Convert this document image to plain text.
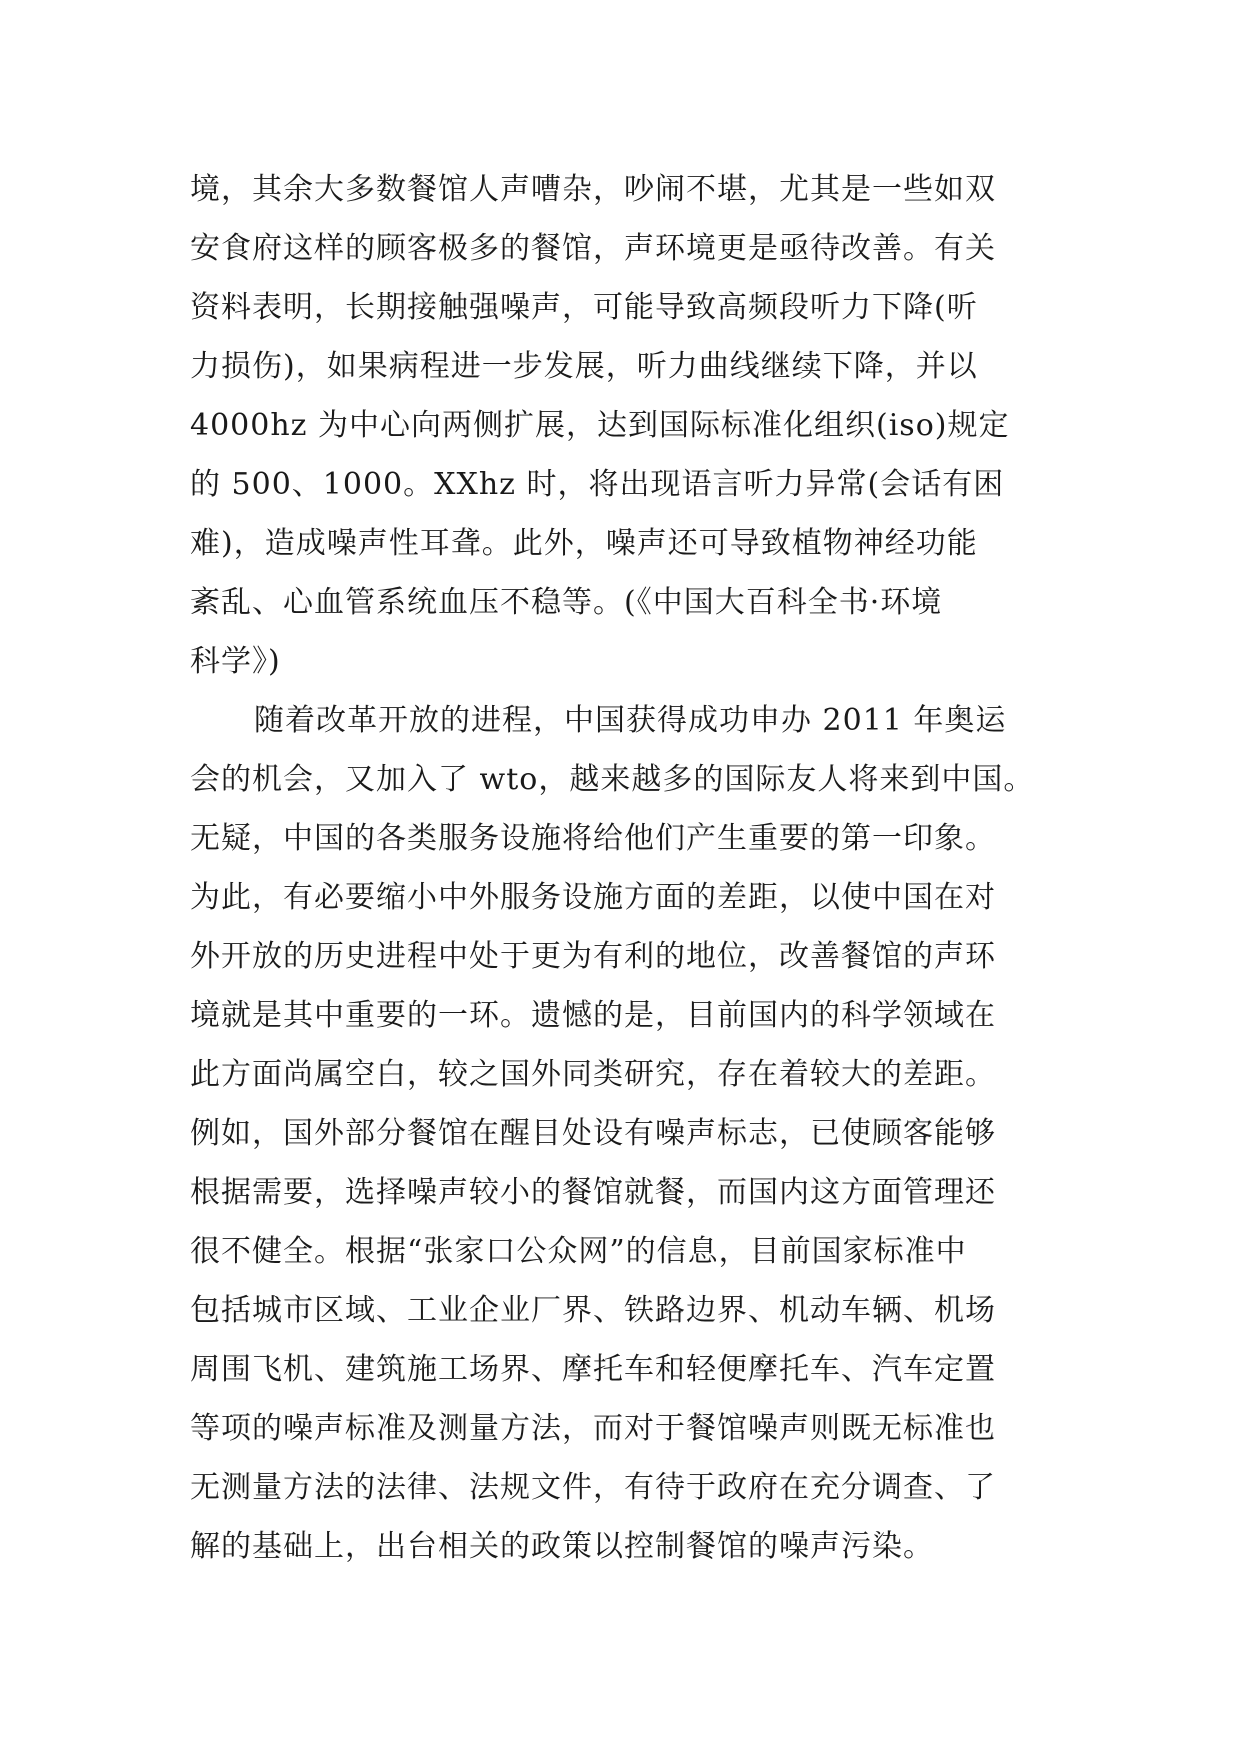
境，其余大多数餐馆人声嘈杂，吵闹不堪，尤其是一些如双
安食府这样的顾客极多的餐馆，声环境更是亟待改善。有关
资料表明，长期接触强噪声，可能导致高频段听力下降(听
力损伤)，如果病程进一步发展，听力曲线继续下降，并以
4000hz 为中心向两侧扩展，达到国际标准化组织(iso)规定
的 500、1000。XXhz 时，将出现语言听力异常(会话有困
难)，造成噪声性耳聋。此外，噪声还可导致植物神经功能
紊乱、心血管系统血压不稳等。(《中国大百科全书·环境
科学》)
随着改革开放的进程，中国获得成功申办 2011 年奥运
会的机会，又加入了 wto，越来越多的国际友人将来到中国。
无疑，中国的各类服务设施将给他们产生重要的第一印象。
为此，有必要缩小中外服务设施方面的差距，以使中国在对
外开放的历史进程中处于更为有利的地位，改善餐馆的声环
境就是其中重要的一环。遗憾的是，目前国内的科学领域在
此方面尚属空白，较之国外同类研究，存在着较大的差距。
例如，国外部分餐馆在醒目处设有噪声标志，已使顾客能够
根据需要，选择噪声较小的餐馆就餐，而国内这方面管理还
很不健全。根据“张家口公众网”的信息，目前国家标准中
包括城市区域、工业企业厂界、铁路边界、机动车辆、机场
周围飞机、建筑施工场界、摩托车和轻便摩托车、汽车定置
等项的噪声标准及测量方法，而对于餐馆噪声则既无标准也
无测量方法的法律、法规文件，有待于政府在充分调查、了
解的基础上，出台相关的政策以控制餐馆的噪声污染。
